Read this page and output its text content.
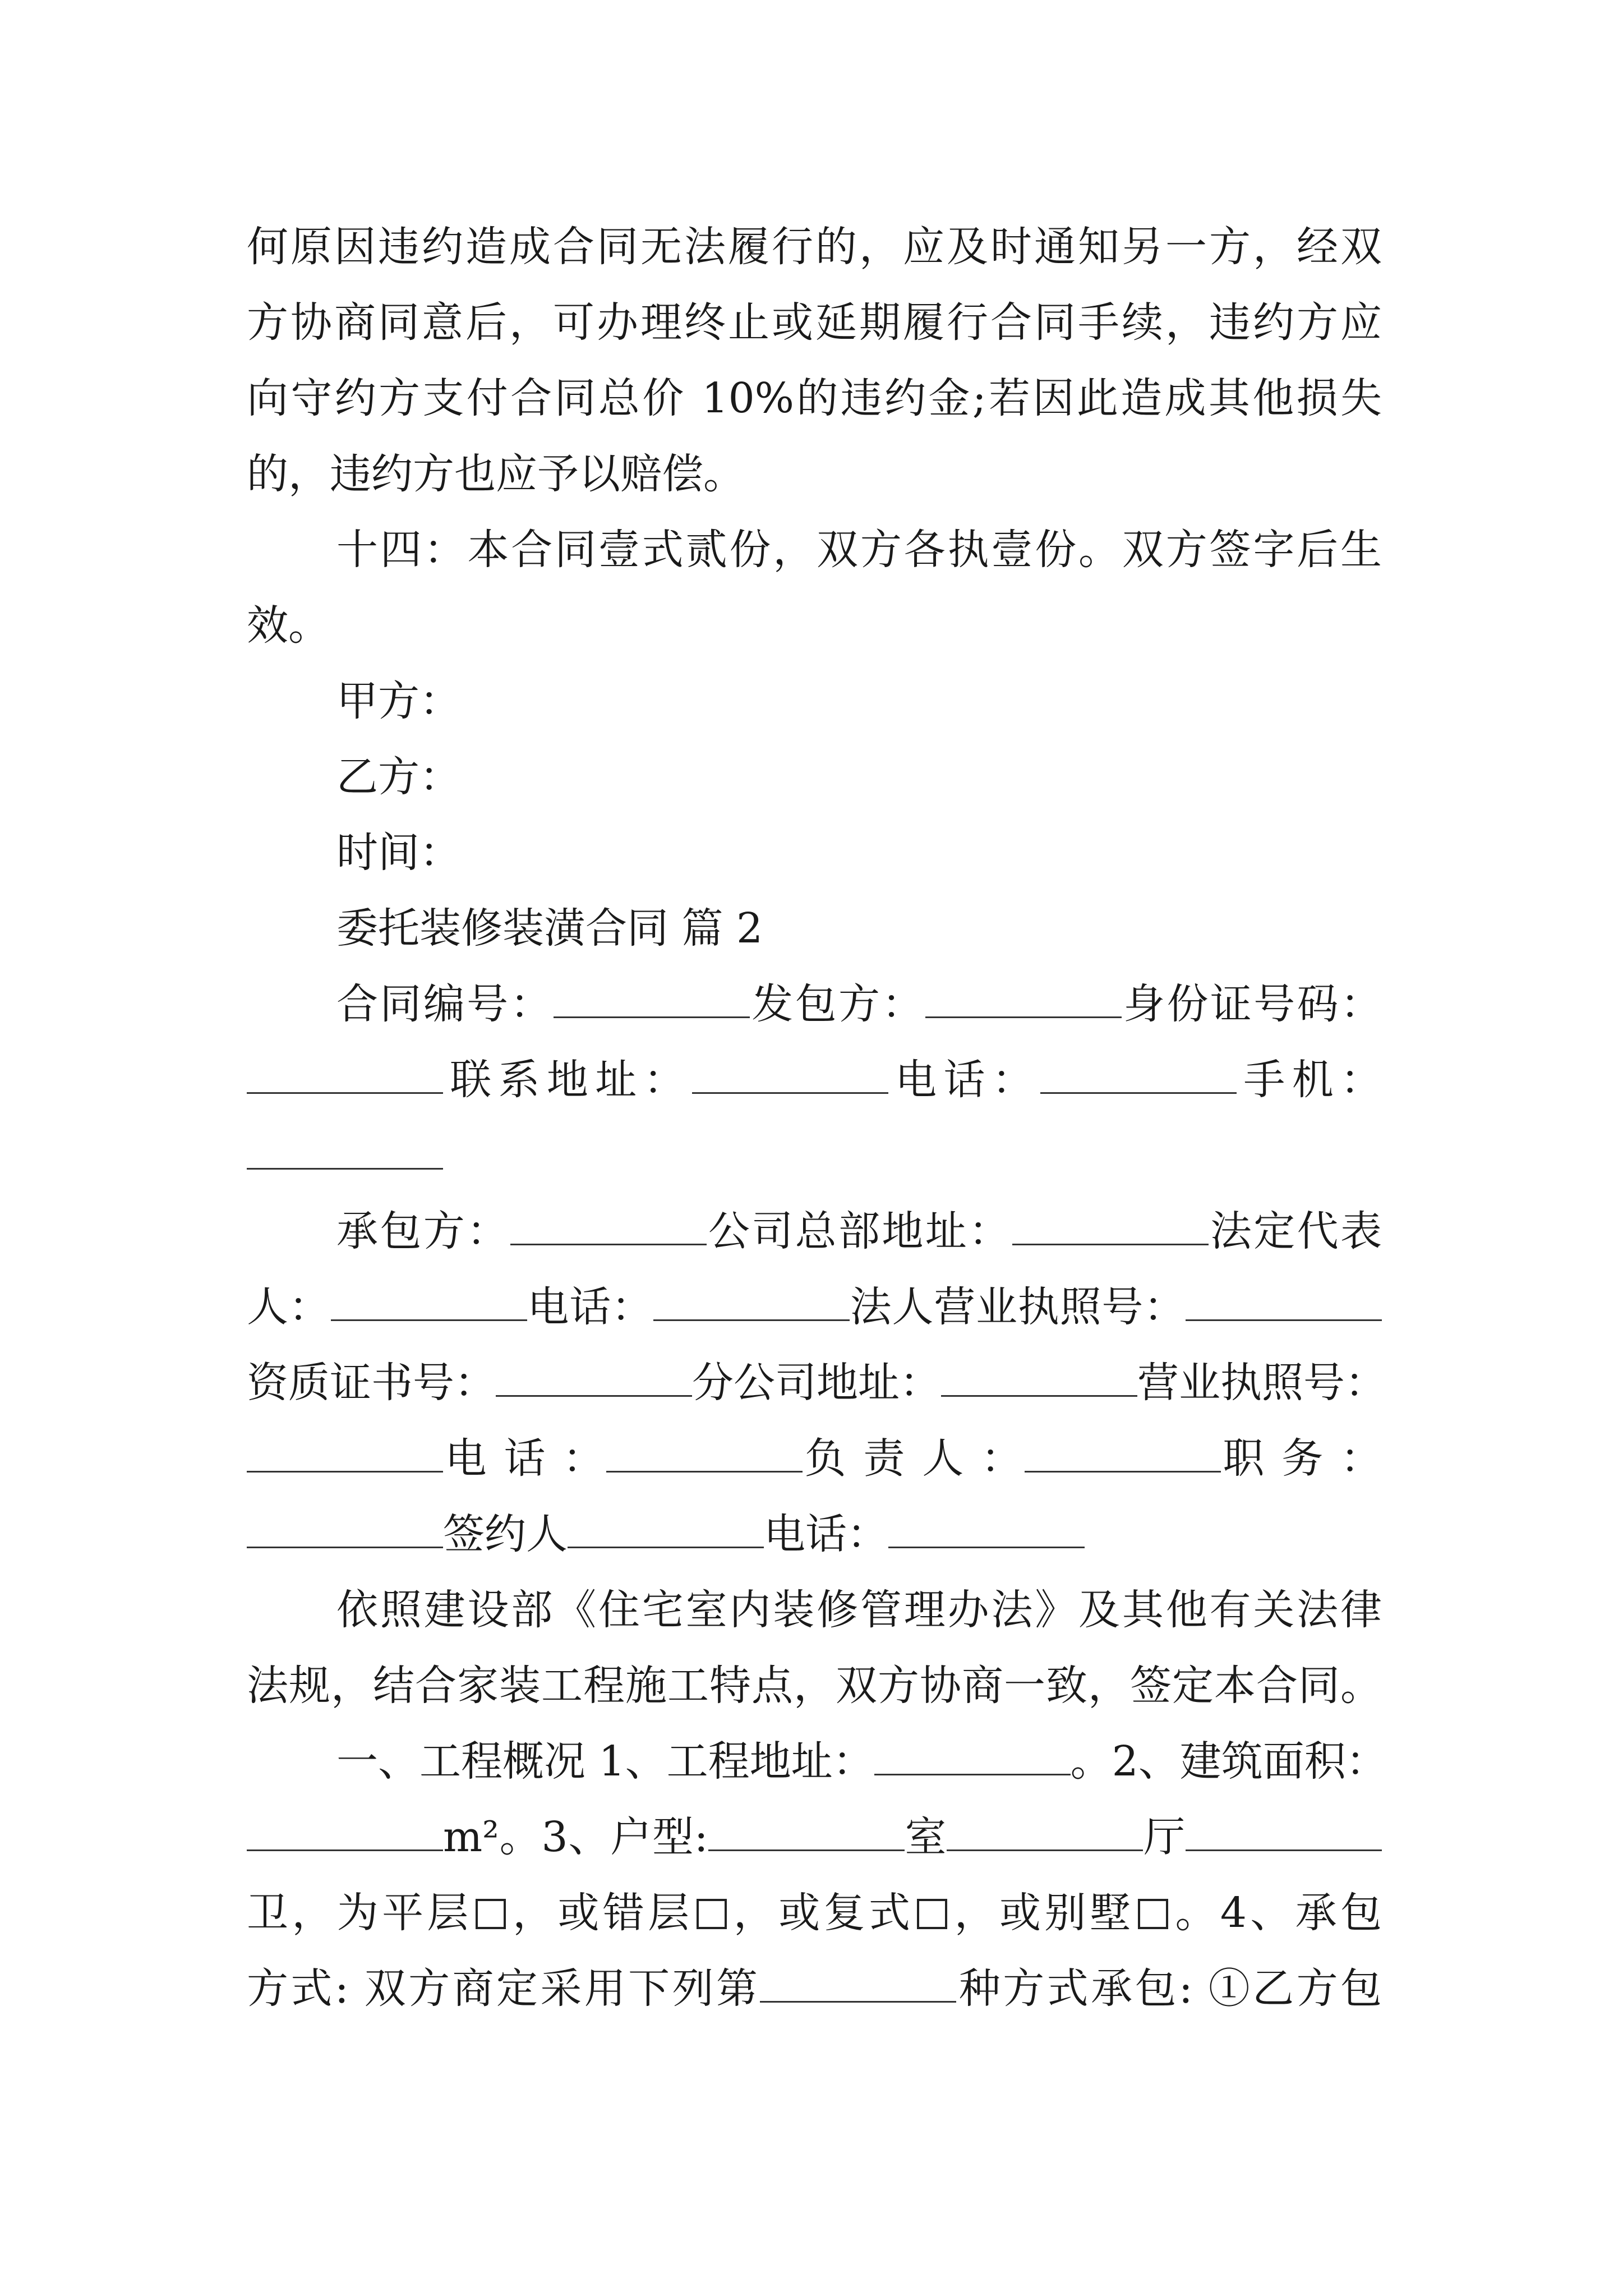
何原因违约造成合同无法履行的，应及时通知另一方，经双
方协商同意后，可办理终止或延期履行合同手续，违约方应
向守约方支付合同总价 10%的违约金;若因此造成其他损失
的，违约方也应予以赔偿。
十四：本合同壹式贰份，双方各执壹份。双方签字后生
效。
甲方：
乙方：
时间：
委托装修装潢合同 篇 2
合同编号：	发包方：	身份证号码：
联系地址：	电话：	手机：
承包方：	公司总部地址：	法定代表
人：	电话：	法人营业执照号：
资质证书号：	分公司地址：	营业执照号：
电 话 ：	负 责 人 ：	职 务 ：
签约人	电话：
依照建设部《住宅室内装修管理办法》及其他有关法律
法规，结合家装工程施工特点，双方协商一致，签定本合同。
一、工程概况 1、工程地址：	。2、建筑面积：
m²。3、户型:	室	厅
卫，为平层 ，或错层 ，或复式 ，或别墅 。4、承包
方式: 双方商定采用下列第	种方式承包: ①乙方包
